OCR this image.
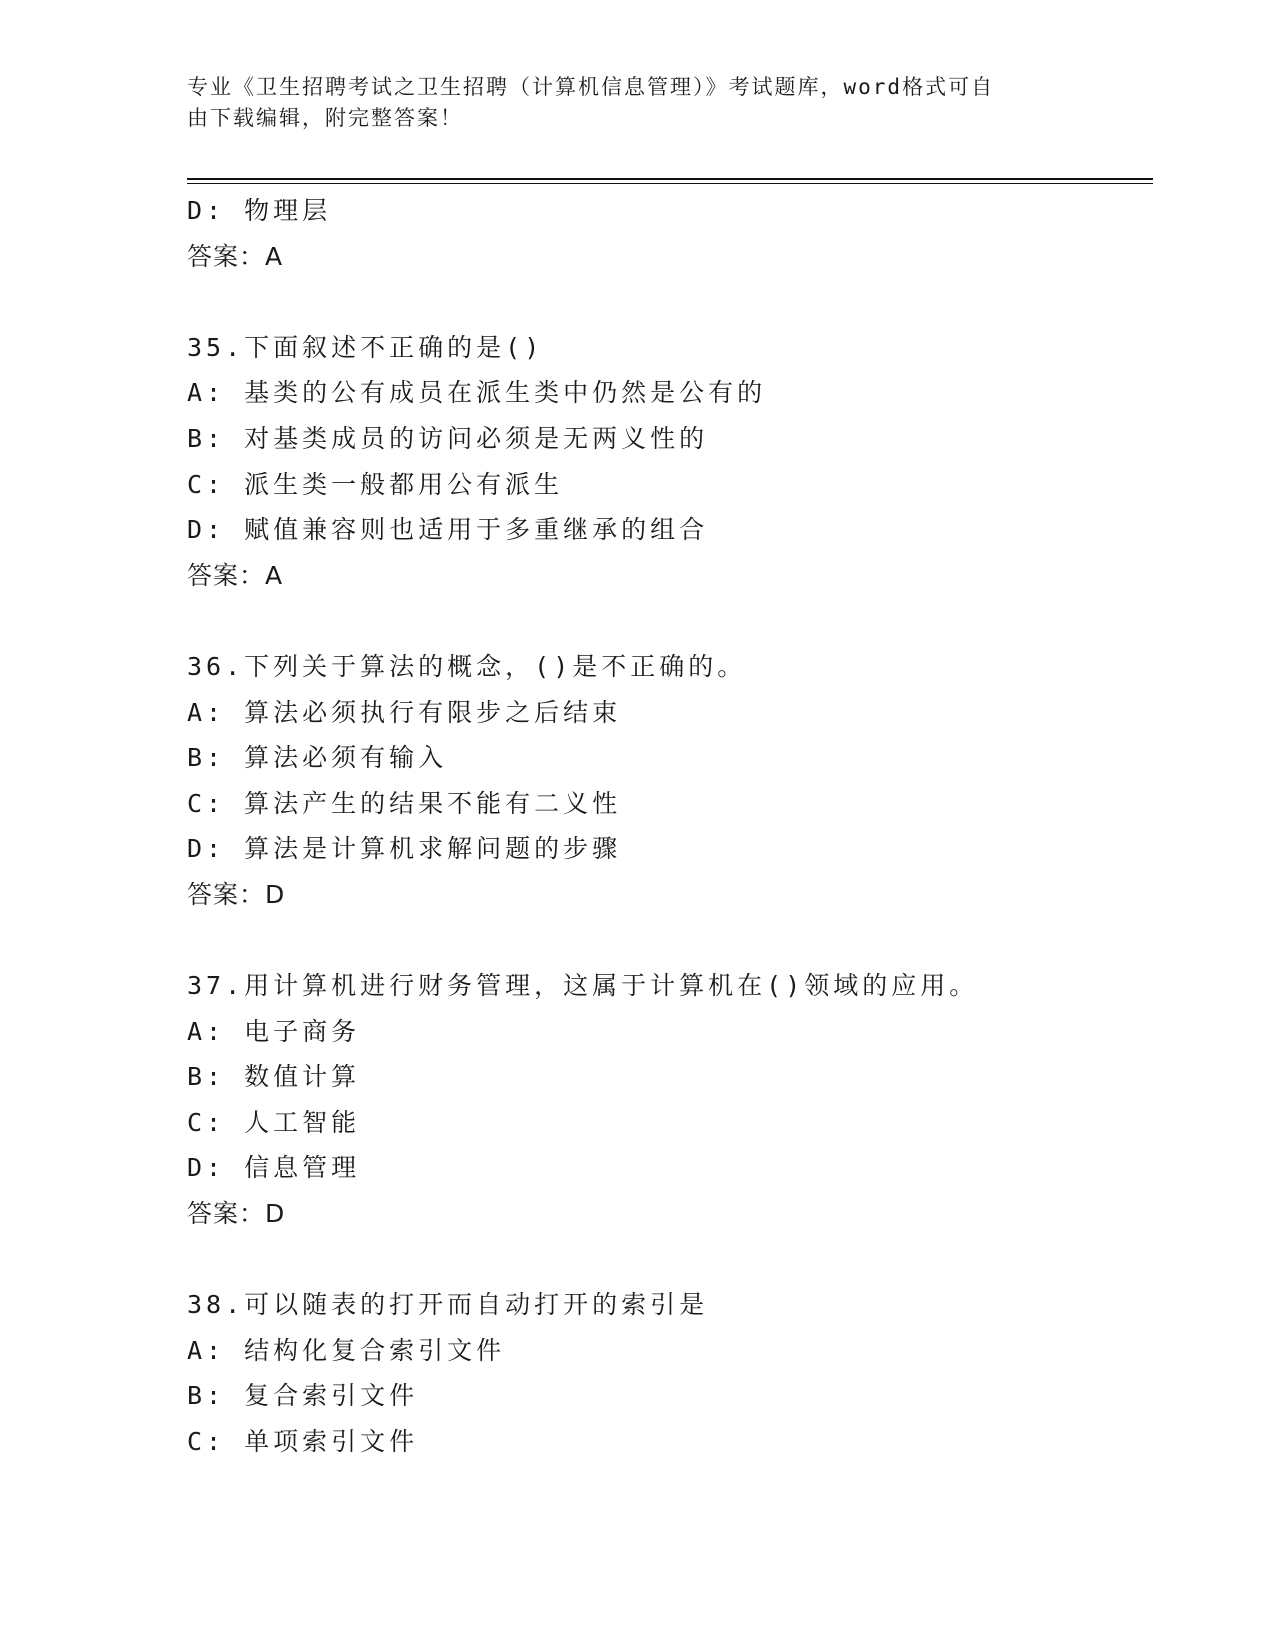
专业《卫生招聘考试之卫生招聘（计算机信息管理）》考试题库，word格式可自
由下载编辑，附完整答案！
D: 物理层
答案：A
35.下面叙述不正确的是()
A: 基类的公有成员在派生类中仍然是公有的
B: 对基类成员的访问必须是无两义性的
C: 派生类一般都用公有派生
D: 赋值兼容则也适用于多重继承的组合
答案：A
36.下列关于算法的概念，()是不正确的。
A: 算法必须执行有限步之后结束
B: 算法必须有输入
C: 算法产生的结果不能有二义性
D: 算法是计算机求解问题的步骤
答案：D
37.用计算机进行财务管理，这属于计算机在()领域的应用。
A: 电子商务
B: 数值计算
C: 人工智能
D: 信息管理
答案：D
38.可以随表的打开而自动打开的索引是
A: 结构化复合索引文件
B: 复合索引文件
C: 单项索引文件
